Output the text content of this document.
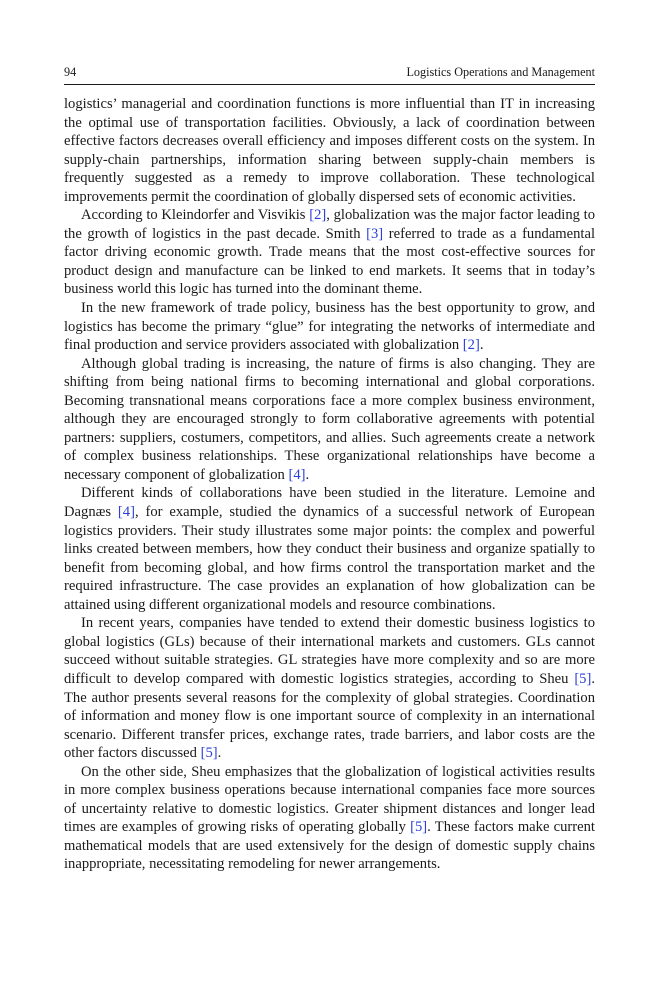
94	Logistics Operations and Management

logistics’ managerial and coordination functions is more influential than IT in increasing the optimal use of transportation facilities. Obviously, a lack of coordination between effective factors decreases overall efficiency and imposes different costs on the system. In supply-chain partnerships, information sharing between supply-chain members is frequently suggested as a remedy to improve collaboration. These technological improvements permit the coordination of globally dispersed sets of economic activities.

According to Kleindorfer and Visvikis [2], globalization was the major factor leading to the growth of logistics in the past decade. Smith [3] referred to trade as a fundamental factor driving economic growth. Trade means that the most cost-effective sources for product design and manufacture can be linked to end markets. It seems that in today’s business world this logic has turned into the dominant theme.

In the new framework of trade policy, business has the best opportunity to grow, and logistics has become the primary “glue” for integrating the networks of intermediate and final production and service providers associated with globalization [2].

Although global trading is increasing, the nature of firms is also changing. They are shifting from being national firms to becoming international and global corporations. Becoming transnational means corporations face a more complex business environment, although they are encouraged strongly to form collaborative agreements with potential partners: suppliers, costumers, competitors, and allies. Such agreements create a network of complex business relationships. These organizational relationships have become a necessary component of globalization [4].

Different kinds of collaborations have been studied in the literature. Lemoine and Dagnæs [4], for example, studied the dynamics of a successful network of European logistics providers. Their study illustrates some major points: the complex and powerful links created between members, how they conduct their business and organize spatially to benefit from becoming global, and how firms control the transportation market and the required infrastructure. The case provides an explanation of how globalization can be attained using different organizational models and resource combinations.

In recent years, companies have tended to extend their domestic business logistics to global logistics (GLs) because of their international markets and customers. GLs cannot succeed without suitable strategies. GL strategies have more complexity and so are more difficult to develop compared with domestic logistics strategies, according to Sheu [5]. The author presents several reasons for the complexity of global strategies. Coordination of information and money flow is one important source of complexity in an international scenario. Different transfer prices, exchange rates, trade barriers, and labor costs are the other factors discussed [5].

On the other side, Sheu emphasizes that the globalization of logistical activities results in more complex business operations because international companies face more sources of uncertainty relative to domestic logistics. Greater shipment distances and longer lead times are examples of growing risks of operating globally [5]. These factors make current mathematical models that are used extensively for the design of domestic supply chains inappropriate, necessitating remodeling for newer arrangements.
